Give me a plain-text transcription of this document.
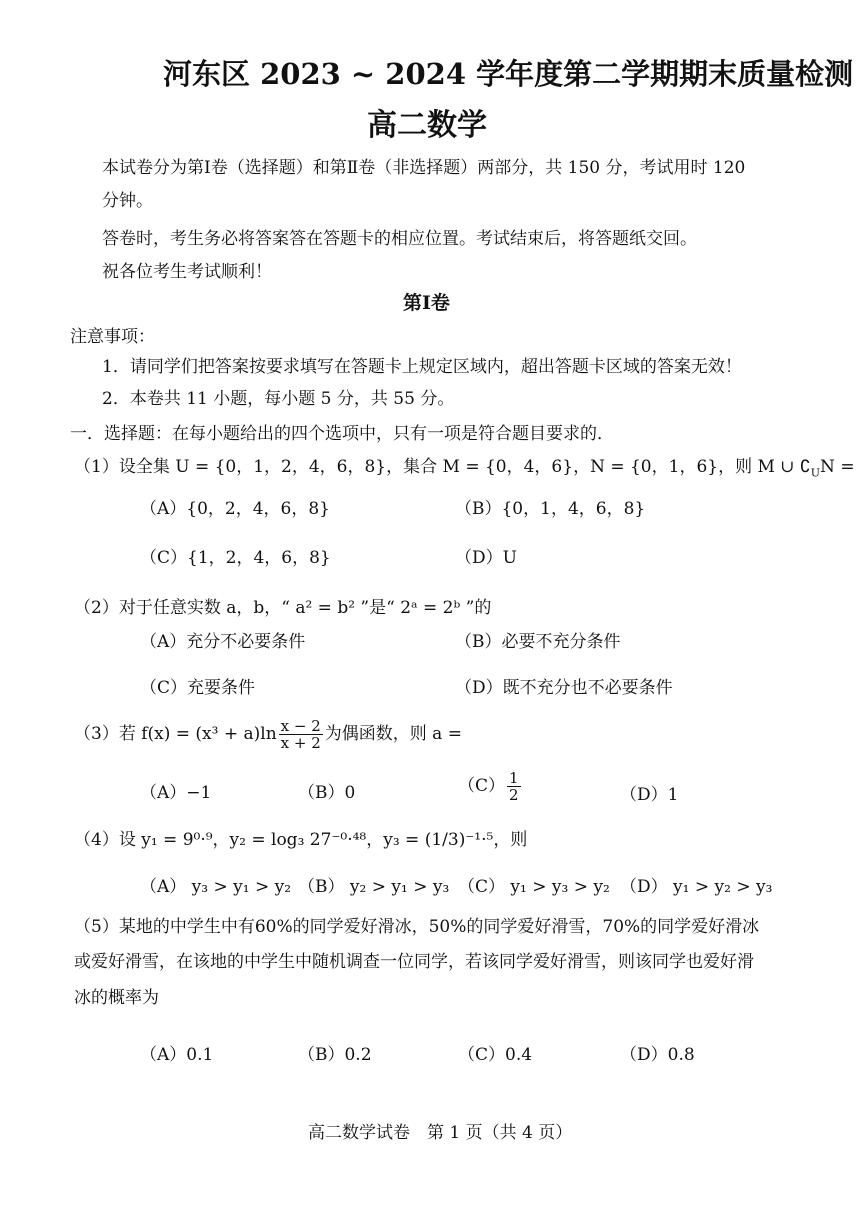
河东区 2023 ~ 2024 学年度第二学期期末质量检测
高二数学
本试卷分为第Ⅰ卷（选择题）和第Ⅱ卷（非选择题）两部分，共 150 分，考试用时 120
分钟。
答卷时，考生务必将答案答在答题卡的相应位置。考试结束后，将答题纸交回。
祝各位考生考试顺利！
第Ⅰ卷
注意事项：
1．请同学们把答案按要求填写在答题卡上规定区域内，超出答题卡区域的答案无效！
2．本卷共 11 小题，每小题 5 分，共 55 分。
一．选择题：在每小题给出的四个选项中，只有一项是符合题目要求的．
（1）设全集 U = {0，1，2，4，6，8}，集合 M = {0，4，6}，N = {0，1，6}，则 M ∪ $∁_UN$ =
（A）{0，2，4，6，8}	（B）{0，1，4，6，8}
（C）{1，2，4，6，8}	（D）U
（2）对于任意实数 a，b，“ a² = b² ”是“ 2ᵃ = 2ᵇ ”的
（A）充分不必要条件	（B）必要不充分条件
（C）充要条件	（D）既不充分也不必要条件
（3）若 $f(x) = (x^3 + a)\ln \frac{x - 2}{x + 2}$ 为偶函数，则 a =
（A）−1	（B）0	$(C) \frac{1}{2}$	（D）1
（4）设 y₁ = 9⁰·⁹，y₂ = log₃ 27⁻⁰·⁴⁸，y₃ = (1/3)⁻¹·⁵，则
（A） y₃ > y₁ > y₂ （B） y₂ > y₁ > y₃ （C） y₁ > y₃ > y₂ （D） y₁ > y₂ > y₃
（5）某地的中学生中有60%的同学爱好滑冰，50%的同学爱好滑雪，70%的同学爱好滑冰
或爱好滑雪，在该地的中学生中随机调查一位同学，若该同学爱好滑雪，则该同学也爱好滑
冰的概率为
（A）0.1	（B）0.2	（C）0.4	（D）0.8
高二数学试卷　第 1 页（共 4 页）
